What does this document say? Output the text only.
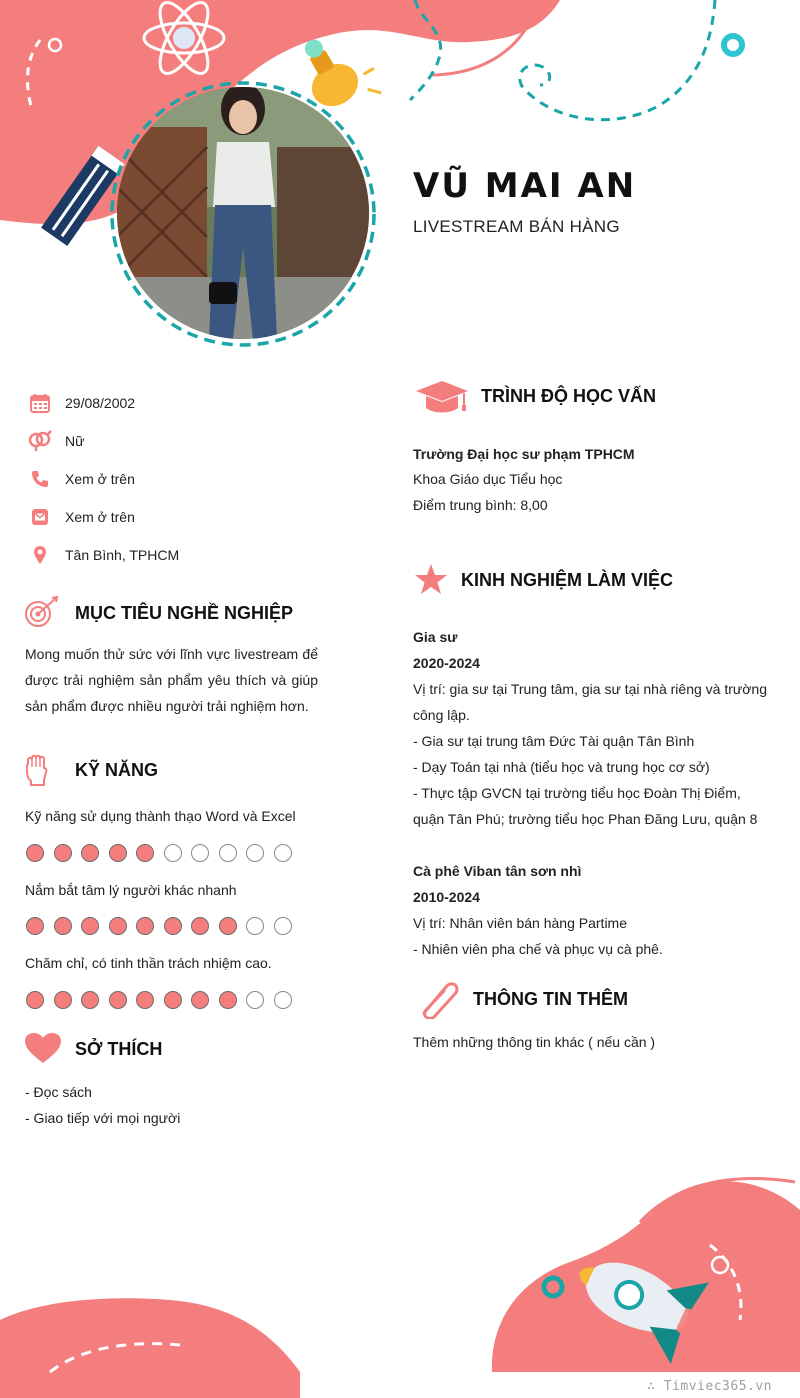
VŨ MAI AN
LIVESTREAM BÁN HÀNG
29/08/2002
Nữ
Xem ở trên
Xem ở trên
Tân Bình, TPHCM
MỤC TIÊU NGHỀ NGHIỆP
Mong muốn thử sức với lĩnh vực livestream để được trải nghiệm sản phẩm yêu thích và giúp sản phẩm được nhiều người trải nghiệm hơn.
KỸ NĂNG
Kỹ năng sử dụng thành thạo Word và Excel
Nắm bắt tâm lý người khác nhanh
Chăm chỉ, có tinh thần trách nhiệm cao.
SỞ THÍCH
- Đọc sách
- Giao tiếp với mọi người
TRÌNH ĐỘ HỌC VẤN
Trường Đại học sư phạm TPHCM
Khoa Giáo dục Tiểu học
Điểm trung bình: 8,00
KINH NGHIỆM LÀM VIỆC
Gia sư
2020-2024
Vị trí: gia sư tại Trung tâm, gia sư tại nhà riêng và trường công lập.
- Gia sư tại trung tâm Đức Tài quận Tân Bình
- Dạy Toán tại nhà (tiểu học và trung học cơ sở)
- Thực tập GVCN tại trường tiểu học Đoàn Thị Điểm, quận Tân Phú; trường tiểu học Phan Đăng Lưu, quận 8
Cà phê Viban tân sơn nhì
2010-2024
Vị trí: Nhân viên bán hàng Partime
- Nhiên viên pha chế và phục vụ cà phê.
THÔNG TIN THÊM
Thêm những thông tin khác ( nếu cần )
∴ Timviec365.vn
